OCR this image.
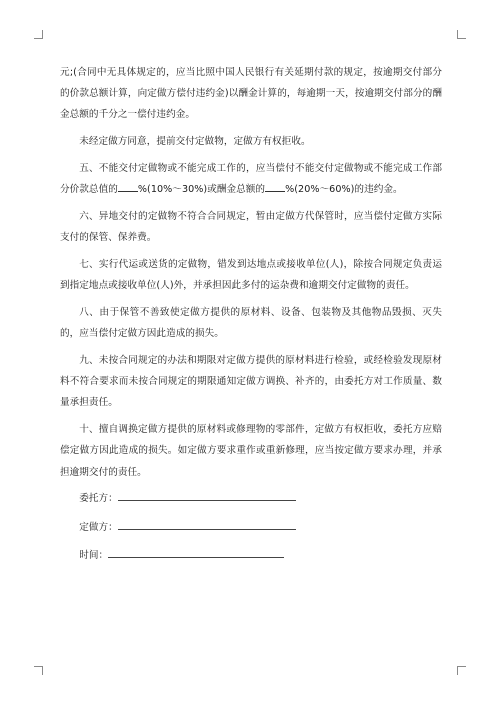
元;(合同中无具体规定的，应当比照中国人民银行有关延期付款的规定，按逾期交付部分的价款总额计算，向定做方偿付违约金)以酬金计算的，每逾期一天，按逾期交付部分的酬金总额的千分之一偿付违约金。

未经定做方同意，提前交付定做物，定做方有权拒收。

五、不能交付定做物或不能完成工作的，应当偿付不能交付定做物或不能完成工作部分价款总值的 %(10%～30%)或酬金总额的 %(20%～60%)的违约金。

六、异地交付的定做物不符合合同规定，暂由定做方代保管时，应当偿付定做方实际支付的保管、保养费。

七、实行代运或送货的定做物，错发到达地点或接收单位(人)，除按合同规定负责运到指定地点或接收单位(人)外，并承担因此多付的运杂费和逾期交付定做物的责任。

八、由于保管不善致使定做方提供的原材料、设备、包装物及其他物品毁损、灭失的，应当偿付定做方因此造成的损失。

九、未按合同规定的办法和期限对定做方提供的原材料进行检验，或经检验发现原材料不符合要求而未按合同规定的期限通知定做方调换、补齐的，由委托方对工作质量、数量承担责任。

十、擅自调换定做方提供的原材料或修理物的零部件，定做方有权拒收，委托方应赔偿定做方因此造成的损失。如定做方要求重作或重新修理，应当按定做方要求办理，并承担逾期交付的责任。

委托方：
定做方：
时间：
